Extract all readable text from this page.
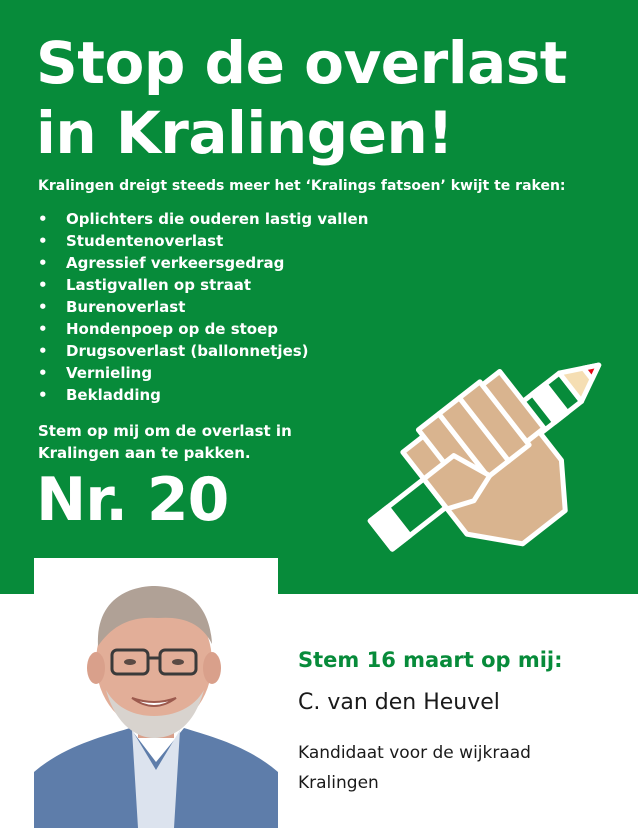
Stop de overlast
in Kralingen!

Kralingen dreigt steeds meer het ‘Kralings fatsoen’ kwijt te raken:

• Oplichters die ouderen lastig vallen
• Studentenoverlast
• Agressief verkeersgedrag
• Lastigvallen op straat
• Burenoverlast
• Hondenpoep op de stoep
• Drugsoverlast (ballonnetjes)
• Vernieling
• Bekladding

Stem op mij om de overlast in Kralingen aan te pakken.

Nr. 20

Stem 16 maart op mij:

C. van den Heuvel

Kandidaat voor de wijkraad
Kralingen
